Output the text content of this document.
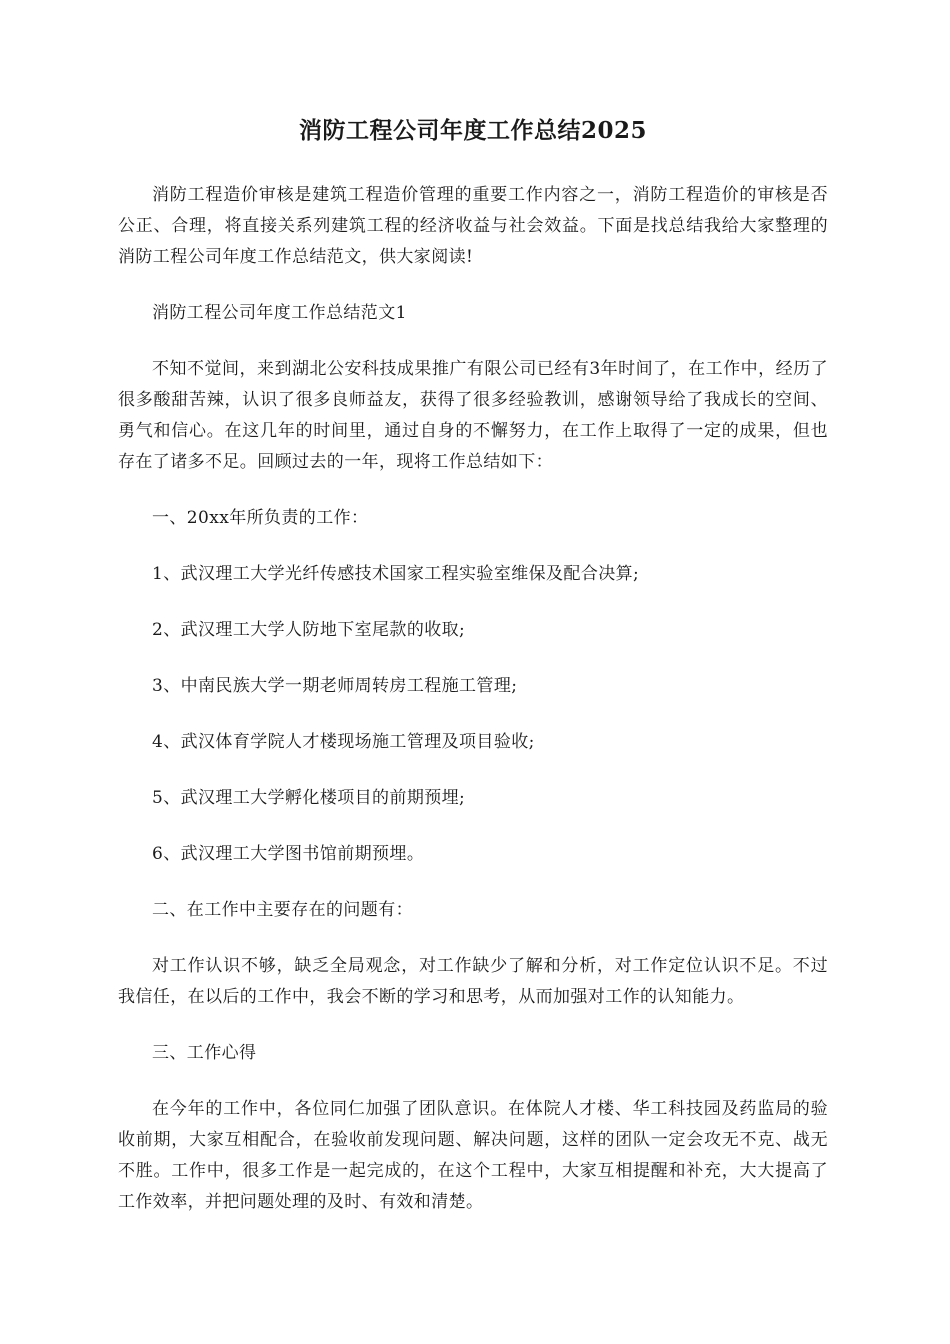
消防工程公司年度工作总结2025

消防工程造价审核是建筑工程造价管理的重要工作内容之一，消防工程造价的审核是否公正、合理，将直接关系列建筑工程的经济收益与社会效益。下面是找总结我给大家整理的消防工程公司年度工作总结范文，供大家阅读!

消防工程公司年度工作总结范文1

不知不觉间，来到湖北公安科技成果推广有限公司已经有3年时间了，在工作中，经历了很多酸甜苦辣，认识了很多良师益友，获得了很多经验教训，感谢领导给了我成长的空间、勇气和信心。在这几年的时间里，通过自身的不懈努力，在工作上取得了一定的成果，但也存在了诸多不足。回顾过去的一年，现将工作总结如下：

一、20xx年所负责的工作：

1、武汉理工大学光纤传感技术国家工程实验室维保及配合决算;

2、武汉理工大学人防地下室尾款的收取;

3、中南民族大学一期老师周转房工程施工管理;

4、武汉体育学院人才楼现场施工管理及项目验收;

5、武汉理工大学孵化楼项目的前期预埋;

6、武汉理工大学图书馆前期预埋。

二、在工作中主要存在的问题有：

对工作认识不够，缺乏全局观念，对工作缺少了解和分析，对工作定位认识不足。不过我信任，在以后的工作中，我会不断的学习和思考，从而加强对工作的认知能力。

三、工作心得

在今年的工作中，各位同仁加强了团队意识。在体院人才楼、华工科技园及药监局的验收前期，大家互相配合，在验收前发现问题、解决问题，这样的团队一定会攻无不克、战无不胜。工作中，很多工作是一起完成的，在这个工程中，大家互相提醒和补充，大大提高了工作效率，并把问题处理的及时、有效和清楚。
